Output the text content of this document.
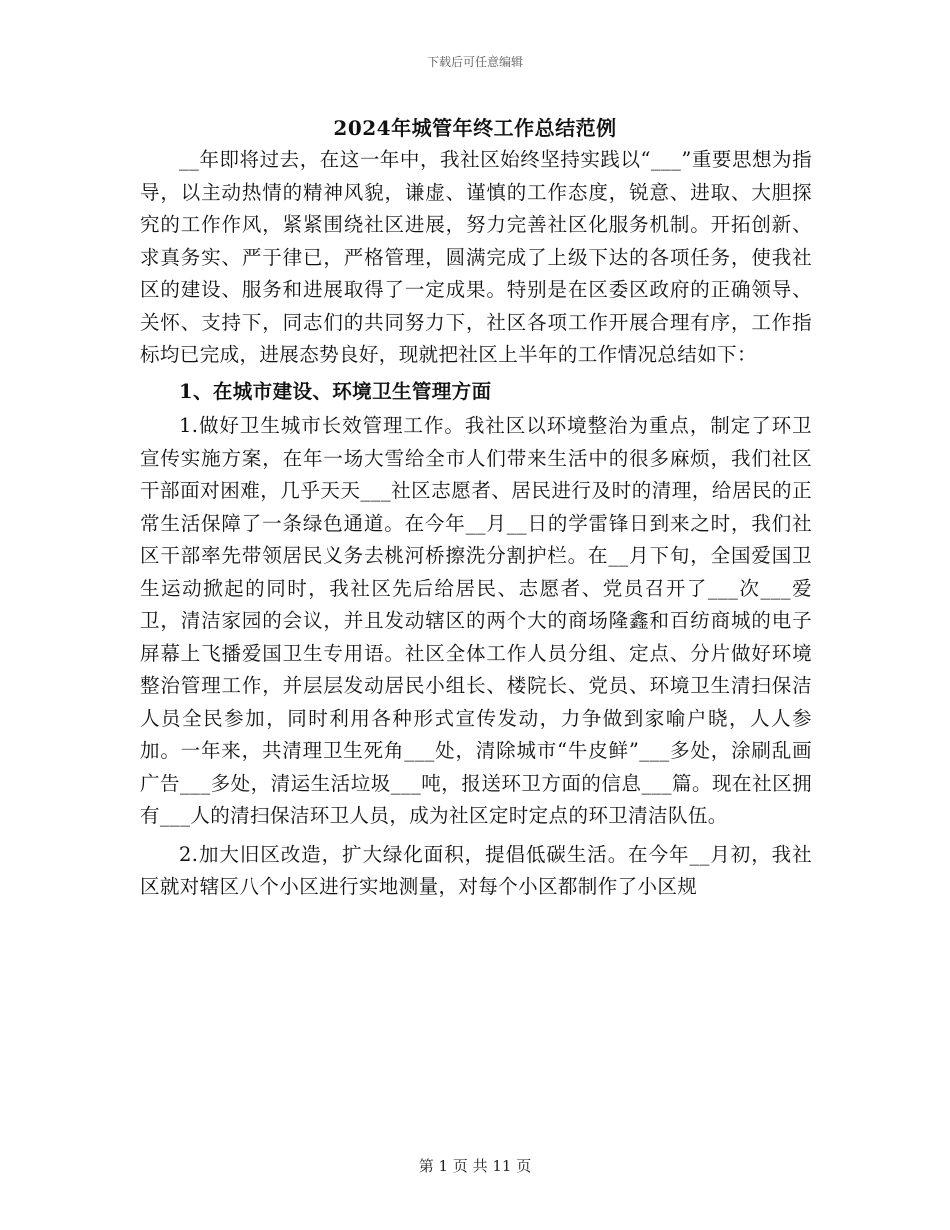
下载后可任意编辑
2024年城管年终工作总结范例

__年即将过去，在这一年中，我社区始终坚持实践以“___”重要思想为指导，以主动热情的精神风貌，谦虚、谨慎的工作态度，锐意、进取、大胆探究的工作作风，紧紧围绕社区进展，努力完善社区化服务机制。开拓创新、求真务实、严于律已，严格管理，圆满完成了上级下达的各项任务，使我社区的建设、服务和进展取得了一定成果。特别是在区委区政府的正确领导、关怀、支持下，同志们的共同努力下，社区各项工作开展合理有序，工作指标均已完成，进展态势良好，现就把社区上半年的工作情况总结如下：

1、在城市建设、环境卫生管理方面

1.做好卫生城市长效管理工作。我社区以环境整治为重点，制定了环卫宣传实施方案，在年一场大雪给全市人们带来生活中的很多麻烦，我们社区干部面对困难，几乎天天___社区志愿者、居民进行及时的清理，给居民的正常生活保障了一条绿色通道。在今年__月__日的学雷锋日到来之时，我们社区干部率先带领居民义务去桃河桥擦洗分割护栏。在__月下旬，全国爱国卫生运动掀起的同时，我社区先后给居民、志愿者、党员召开了___次___爱卫，清洁家园的会议，并且发动辖区的两个大的商场隆鑫和百纺商城的电子屏幕上飞播爱国卫生专用语。社区全体工作人员分组、定点、分片做好环境整治管理工作，并层层发动居民小组长、楼院长、党员、环境卫生清扫保洁人员全民参加，同时利用各种形式宣传发动，力争做到家喻户晓，人人参加。一年来，共清理卫生死角___处，清除城市“牛皮鲜”___多处，涂刷乱画广告___多处，清运生活垃圾___吨，报送环卫方面的信息___篇。现在社区拥有___人的清扫保洁环卫人员，成为社区定时定点的环卫清洁队伍。

2.加大旧区改造，扩大绿化面积，提倡低碳生活。在今年__月初，我社区就对辖区八个小区进行实地测量，对每个小区都制作了小区规

第 1 页 共 11 页
